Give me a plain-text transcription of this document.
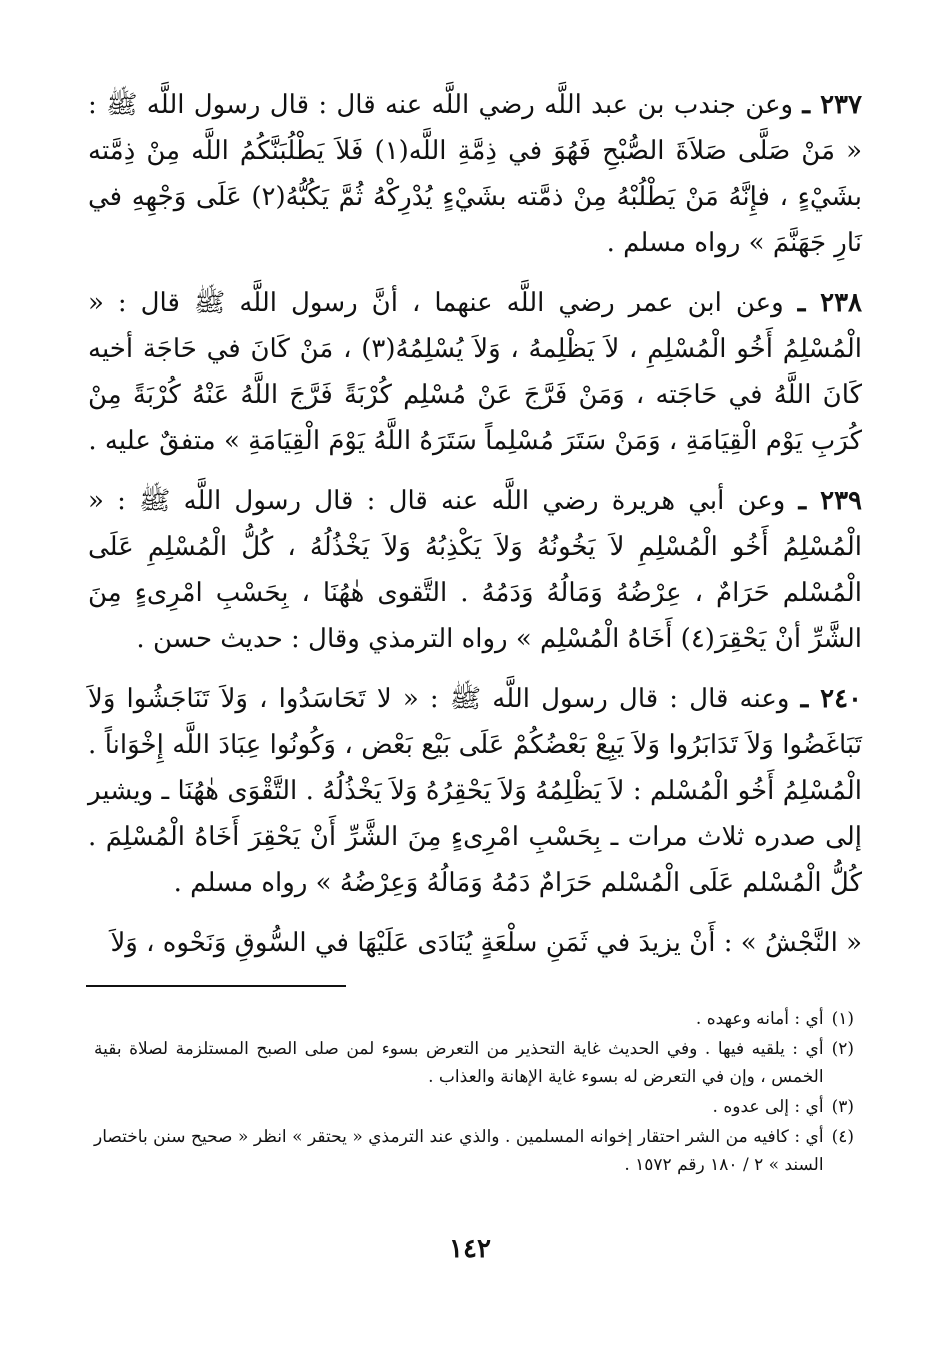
٢٣٧ ـ وعن جندب بن عبد اللَّه رضي اللَّه عنه قال : قال رسول اللَّه ﷺ : « مَنْ صَلَّى صَلاَةَ الصُّبْحِ فَهُوَ في ذِمَّةِ اللَّه(١) فَلاَ يَطْلُبَنَّكُمُ اللَّه مِنْ ذِمَّته بشَيْءٍ ، فإِنَّهُ مَنْ يَطْلُبْهُ مِنْ ذمَّته بشَيْءٍ يُدْرِكْهُ ثُمَّ يَكُبُّهُ(٢) عَلَى وَجْهِهِ في نَارِ جَهَنَّمَ » رواه مسلم .

٢٣٨ ـ وعن ابن عمر رضي اللَّه عنهما ، أنَّ رسول اللَّه ﷺ قال : « الْمُسْلِمُ أَخُو الْمُسْلِمِ ، لاَ يَظْلِمهُ ، وَلاَ يُسْلِمُهُ(٣) ، مَنْ كَانَ في حَاجَة أخيه كَانَ اللَّهُ في حَاجَته ، وَمَنْ فَرَّجَ عَنْ مُسْلِم كُرْبَةً فَرَّجَ اللَّهُ عَنْهُ كُرْبَةً مِنْ كُرَبِ يَوْم الْقِيَامَةِ ، وَمَنْ سَتَرَ مُسْلِماً سَتَرَهُ اللَّهُ يَوْمَ الْقِيَامَةِ » متفقٌ عليه .

٢٣٩ ـ وعن أبي هريرة رضي اللَّه عنه قال : قال رسول اللَّه ﷺ : « الْمُسْلِمُ أَخُو الْمُسْلِمِ لاَ يَخُونُهُ وَلاَ يَكْذِبُهُ وَلاَ يَخْذُلُهُ ، كُلُّ الْمُسْلِمِ عَلَى الْمُسْلم حَرَامٌ ، عِرْضُهُ وَمَالُهُ وَدَمُهُ . التَّقوى هٰهُنَا ، بِحَسْبِ امْرِىءٍ مِنَ الشَّرِّ أنْ يَحْقِرَ(٤) أَخَاهُ الْمُسْلِم » رواه الترمذي وقال : حديث حسن .

٢٤٠ ـ وعنه قال : قال رسول اللَّه ﷺ : « لا تَحَاسَدُوا ، وَلاَ تَنَاجَشُوا وَلاَ تَبَاغَضُوا وَلاَ تَدَابَرُوا وَلاَ يَبِعْ بَعْضُكُمْ عَلَى بَيْع بَعْض ، وَكُونُوا عِبَادَ اللَّه إِخْوَاناً . الْمُسْلِمُ أَخُو الْمُسْلم : لاَ يَظْلِمُهُ وَلاَ يَحْقِرُهُ وَلاَ يَخْذُلُهُ . التَّقْوَى هٰهُنَا ـ ويشير إلى صدره ثلاث مرات ـ بِحَسْبِ امْرِىءٍ مِنَ الشَّرِّ أَنْ يَحْقِرَ أَخَاهُ الْمُسْلِمَ . كُلُّ الْمُسْلم عَلَى الْمُسْلم حَرَامٌ دَمُهُ وَمَالُهُ وَعِرْضُهُ » رواه مسلم .

« النَّجْشُ » : أَنْ يزيدَ في ثَمَنِ سلْعَةٍ يُنَادَى عَلَيْهَا في السُّوقِ وَنَحْوه ، وَلاَ

(١)
أي : أمانه وعهده .
(٢)
أي : يلقيه فيها . وفي الحديث غاية التحذير من التعرض بسوء لمن صلى الصبح المستلزمة لصلاة بقية الخمس ، وإن في التعرض له بسوء غاية الإهانة والعذاب .
(٣)
أي : إلى عدوه .
(٤)
أي : كافيه من الشر احتقار إخوانه المسلمين . والذي عند الترمذي « يحتقر » انظر « صحيح سنن باختصار السند » ٢ / ١٨٠ رقم ١٥٧٢ .
١٤٢
